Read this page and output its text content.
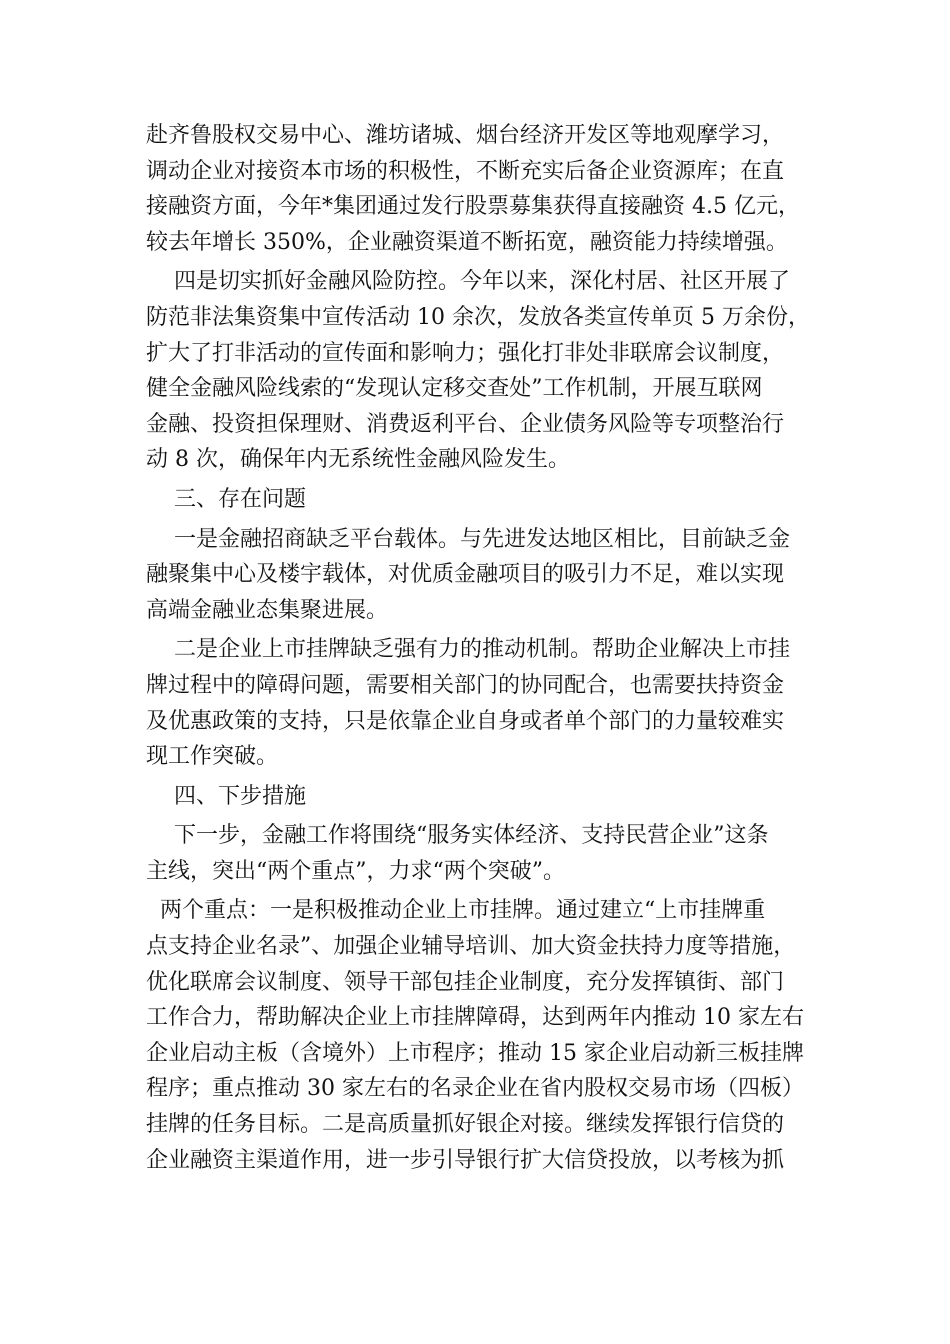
赴齐鲁股权交易中心、潍坊诸城、烟台经济开发区等地观摩学习，
调动企业对接资本市场的积极性，不断充实后备企业资源库；在直
接融资方面，今年*集团通过发行股票募集获得直接融资 4.5 亿元，
较去年增长 350%，企业融资渠道不断拓宽，融资能力持续增强。
四是切实抓好金融风险防控。今年以来，深化村居、社区开展了
防范非法集资集中宣传活动 10 余次，发放各类宣传单页 5 万余份，
扩大了打非活动的宣传面和影响力；强化打非处非联席会议制度，
健全金融风险线索的“发现认定移交查处”工作机制，开展互联网
金融、投资担保理财、消费返利平台、企业债务风险等专项整治行
动 8 次，确保年内无系统性金融风险发生。
三、存在问题
一是金融招商缺乏平台载体。与先进发达地区相比，目前缺乏金
融聚集中心及楼宇载体，对优质金融项目的吸引力不足，难以实现
高端金融业态集聚进展。
二是企业上市挂牌缺乏强有力的推动机制。帮助企业解决上市挂
牌过程中的障碍问题，需要相关部门的协同配合，也需要扶持资金
及优惠政策的支持，只是依靠企业自身或者单个部门的力量较难实
现工作突破。
四、下步措施
下一步，金融工作将围绕“服务实体经济、支持民营企业”这条
主线，突出“两个重点”，力求“两个突破”。
两个重点：一是积极推动企业上市挂牌。通过建立“上市挂牌重
点支持企业名录”、加强企业辅导培训、加大资金扶持力度等措施，
优化联席会议制度、领导干部包挂企业制度，充分发挥镇街、部门
工作合力，帮助解决企业上市挂牌障碍，达到两年内推动 10 家左右
企业启动主板（含境外）上市程序；推动 15 家企业启动新三板挂牌
程序；重点推动 30 家左右的名录企业在省内股权交易市场（四板）
挂牌的任务目标。二是高质量抓好银企对接。继续发挥银行信贷的
企业融资主渠道作用，进一步引导银行扩大信贷投放，以考核为抓
